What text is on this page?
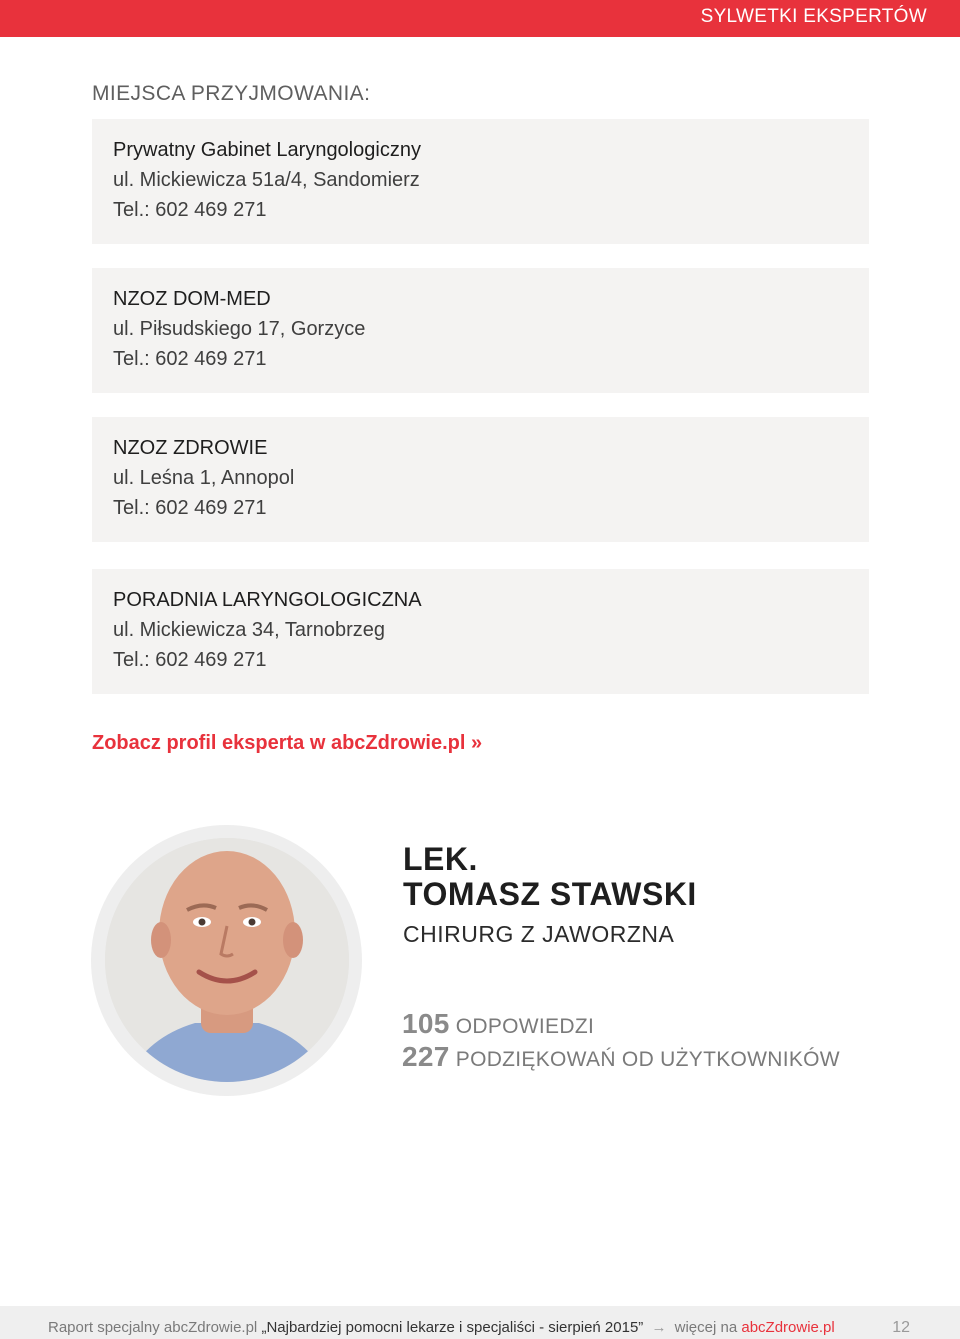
SYLWETKI EKSPERTÓW
MIEJSCA PRZYJMOWANIA:
Prywatny Gabinet Laryngologiczny
ul. Mickiewicza 51a/4, Sandomierz
Tel.: 602 469 271
NZOZ DOM-MED
ul. Piłsudskiego 17, Gorzyce
Tel.: 602 469 271
NZOZ ZDROWIE
ul. Leśna 1, Annopol
Tel.: 602 469 271
PORADNIA LARYNGOLOGICZNA
ul. Mickiewicza 34, Tarnobrzeg
Tel.: 602 469 271
Zobacz profil eksperta w abcZdrowie.pl »
LEK.
TOMASZ STAWSKI
CHIRURG Z JAWORZNA
105 ODPOWIEDZI
227 PODZIĘKOWAŃ OD UŻYTKOWNIKÓW
Raport specjalny abcZdrowie.pl „Najbardziej pomocni lekarze i specjaliści - sierpień 2015” → więcej na abcZdrowie.pl	12
